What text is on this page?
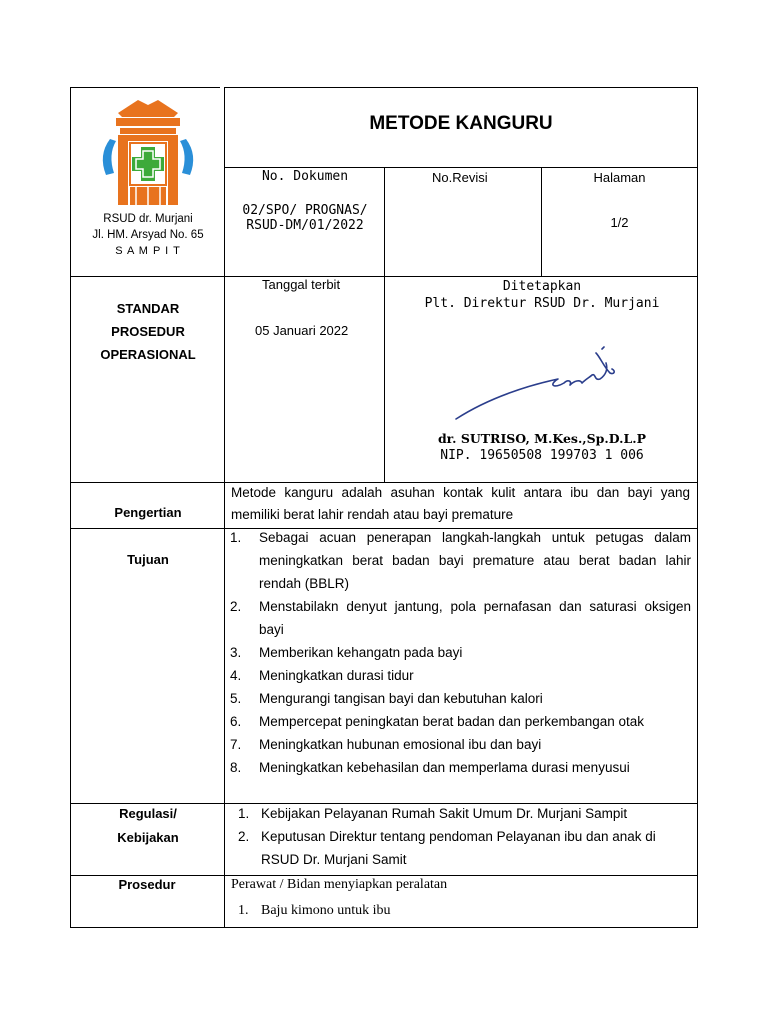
RSUD dr. Murjani
Jl. HM. Arsyad No. 65
S A M P I T
METODE KANGURU
No. Dokumen
02/SPO/ PROGNAS/ RSUD-DM/01/2022
No.Revisi	Halaman
1/2
STANDAR
PROSEDUR
OPERASIONAL
Tanggal terbit
05 Januari 2022
Ditetapkan
Plt. Direktur RSUD Dr. Murjani
dr. SUTRISO, M.Kes.,Sp.D.L.P
NIP. 19650508 199703 1 006
Pengertian
Metode kanguru adalah asuhan kontak kulit antara ibu dan bayi yang memiliki berat lahir rendah atau bayi premature
Tujuan
1. Sebagai acuan penerapan langkah-langkah untuk petugas dalam meningkatkan berat badan bayi premature atau berat badan lahir rendah (BBLR)
2. Menstabilakn denyut jantung, pola pernafasan dan saturasi oksigen bayi
3. Memberikan kehangatn pada bayi
4. Meningkatkan durasi tidur
5. Mengurangi tangisan bayi dan kebutuhan kalori
6. Mempercepat peningkatan berat badan dan perkembangan otak
7. Meningkatkan hubunan emosional ibu dan bayi
8. Meningkatkan kebehasilan dan memperlama durasi menyusui
Regulasi/
Kebijakan
1. Kebijakan Pelayanan Rumah Sakit Umum Dr. Murjani Sampit
2. Keputusan Direktur tentang pendoman Pelayanan ibu dan anak di RSUD Dr. Murjani Samit
Prosedur	Perawat / Bidan menyiapkan peralatan
1. Baju kimono untuk ibu
